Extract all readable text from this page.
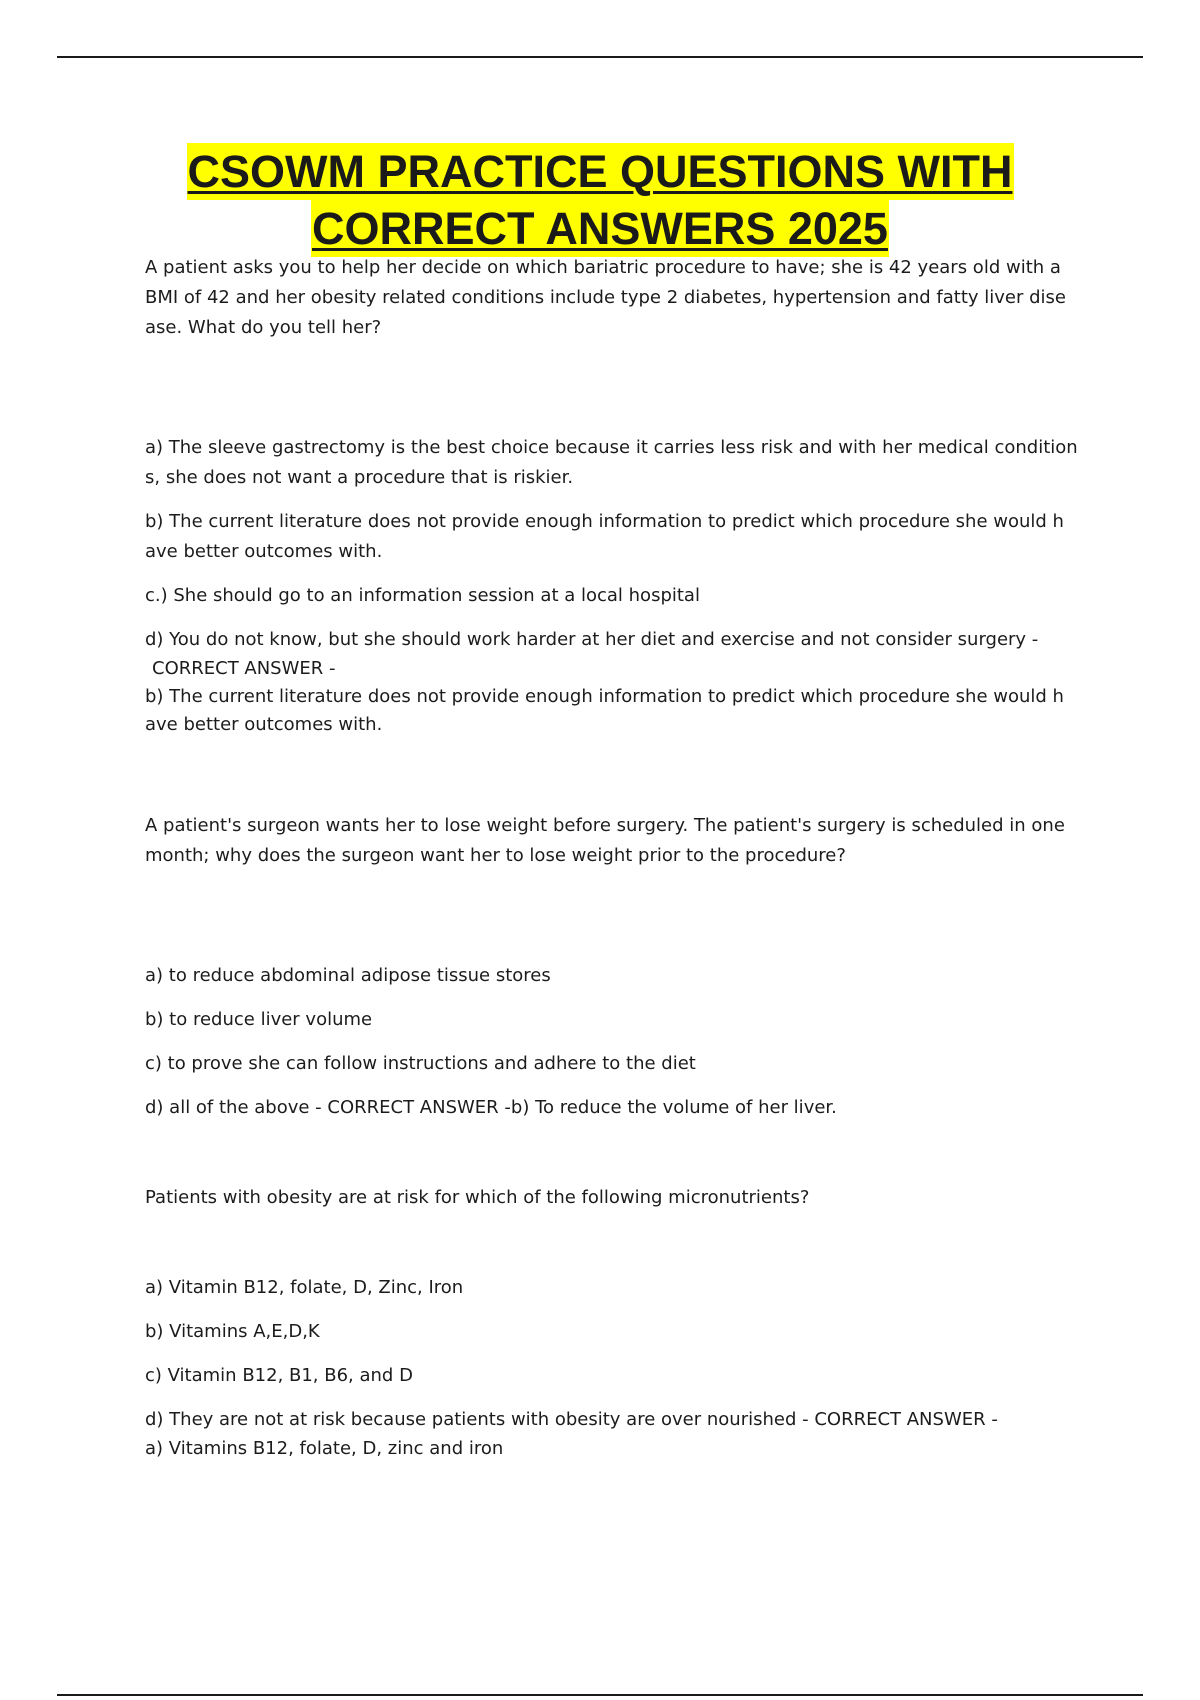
CSOWM PRACTICE QUESTIONS WITH
CORRECT ANSWERS 2025

A patient asks you to help her decide on which bariatric procedure to have; she is 42 years old with a BMI of 42 and her obesity related conditions include type 2 diabetes, hypertension and fatty liver dise ase. What do you tell her?

a) The sleeve gastrectomy is the best choice because it carries less risk and with her medical condition s, she does not want a procedure that is riskier.

b) The current literature does not provide enough information to predict which procedure she would h ave better outcomes with.

c.) She should go to an information session at a local hospital

d) You do not know, but she should work harder at her diet and exercise and not consider surgery -

CORRECT ANSWER -
b) The current literature does not provide enough information to predict which procedure she would h ave better outcomes with.

A patient's surgeon wants her to lose weight before surgery. The patient's surgery is scheduled in one month; why does the surgeon want her to lose weight prior to the procedure?

a) to reduce abdominal adipose tissue stores

b) to reduce liver volume

c) to prove she can follow instructions and adhere to the diet

d) all of the above - CORRECT ANSWER -b) To reduce the volume of her liver.

Patients with obesity are at risk for which of the following micronutrients?

a) Vitamin B12, folate, D, Zinc, Iron

b) Vitamins A,E,D,K

c) Vitamin B12, B1, B6, and D

d) They are not at risk because patients with obesity are over nourished - CORRECT ANSWER -

a) Vitamins B12, folate, D, zinc and iron
